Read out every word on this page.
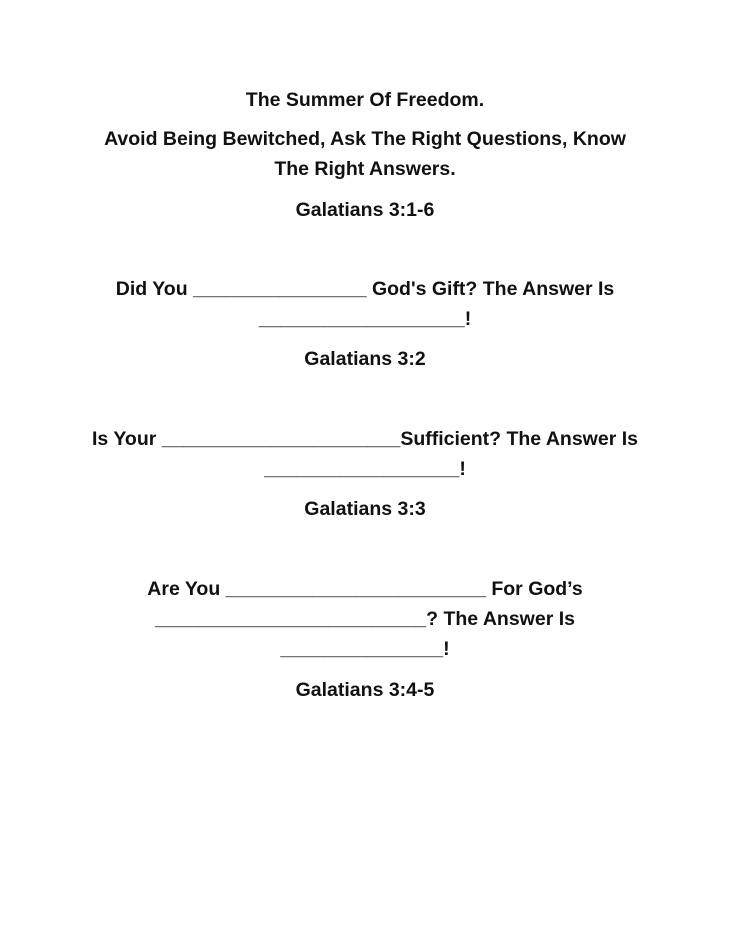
The Summer Of Freedom.
Avoid Being Bewitched, Ask The Right Questions, Know
The Right Answers.
Galatians 3:1-6
Did You ________________ God's Gift? The Answer Is
___________________!
Galatians 3:2
Is Your ______________________Sufficient? The Answer Is
__________________!
Galatians 3:3
Are You ________________________ For God’s
_________________________? The Answer Is
_______________!
Galatians 3:4-5
